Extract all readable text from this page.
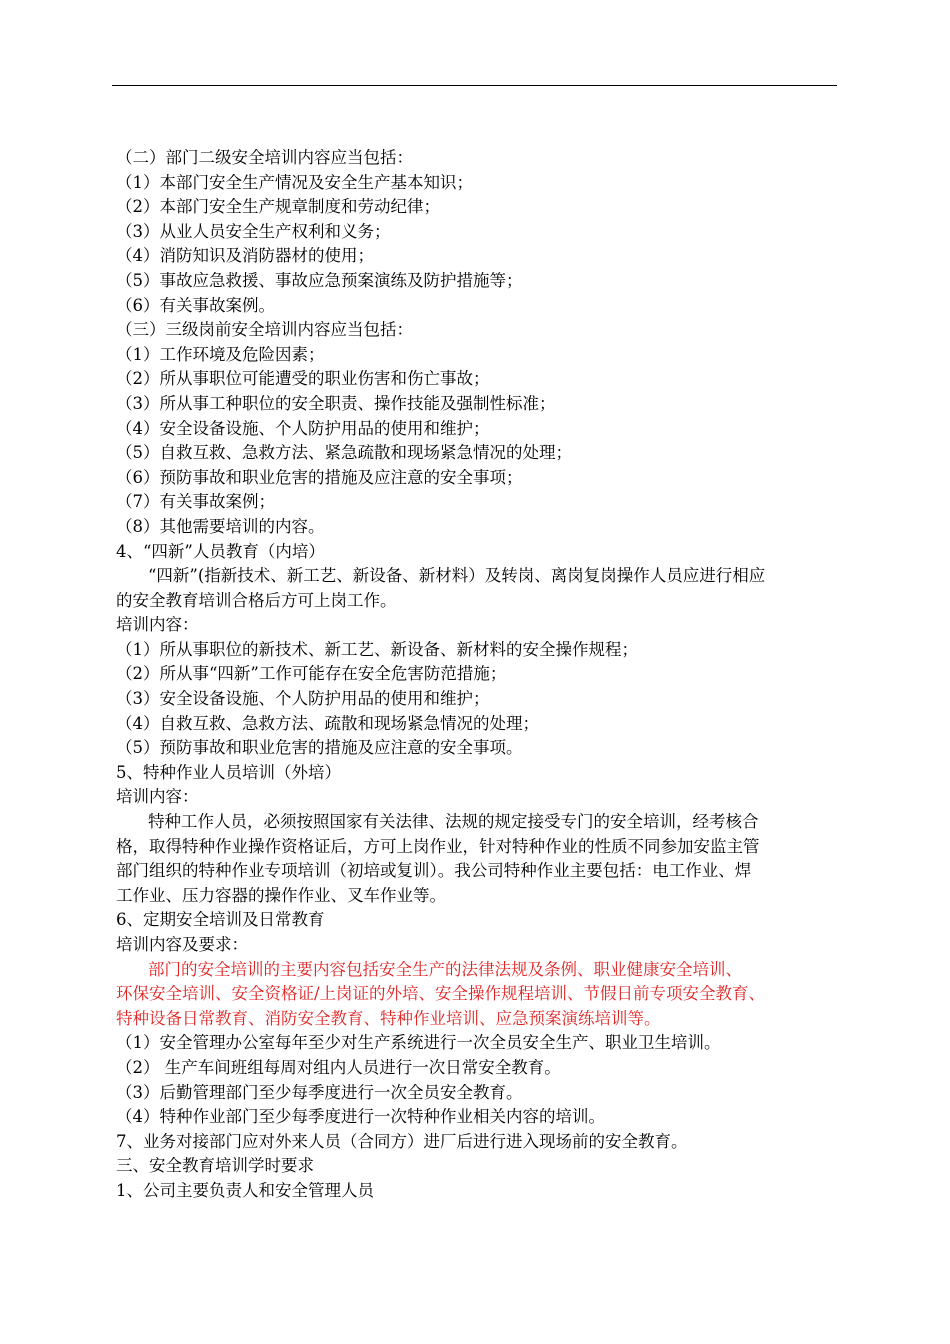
（二）部门二级安全培训内容应当包括：
（1）本部门安全生产情况及安全生产基本知识；
（2）本部门安全生产规章制度和劳动纪律；
（3）从业人员安全生产权利和义务；
（4）消防知识及消防器材的使用；
（5）事故应急救援、事故应急预案演练及防护措施等；
（6）有关事故案例。
（三）三级岗前安全培训内容应当包括：
（1）工作环境及危险因素；
（2）所从事职位可能遭受的职业伤害和伤亡事故；
（3）所从事工种职位的安全职责、操作技能及强制性标准；
（4）安全设备设施、个人防护用品的使用和维护；
（5）自救互救、急救方法、紧急疏散和现场紧急情况的处理；
（6）预防事故和职业危害的措施及应注意的安全事项；
（7）有关事故案例；
（8）其他需要培训的内容。
4、“四新”人员教育（内培）
“四新”(指新技术、新工艺、新设备、新材料）及转岗、离岗复岗操作人员应进行相应
的安全教育培训合格后方可上岗工作。
培训内容：
（1）所从事职位的新技术、新工艺、新设备、新材料的安全操作规程；
（2）所从事“四新”工作可能存在安全危害防范措施；
（3）安全设备设施、个人防护用品的使用和维护；
（4）自救互救、急救方法、疏散和现场紧急情况的处理；
（5）预防事故和职业危害的措施及应注意的安全事项。
5、特种作业人员培训（外培）
培训内容：
特种工作人员，必须按照国家有关法律、法规的规定接受专门的安全培训，经考核合
格，取得特种作业操作资格证后，方可上岗作业，针对特种作业的性质不同参加安监主管
部门组织的特种作业专项培训（初培或复训）。我公司特种作业主要包括：电工作业、焊
工作业、压力容器的操作作业、叉车作业等。
6、定期安全培训及日常教育
培训内容及要求：
部门的安全培训的主要内容包括安全生产的法律法规及条例、职业健康安全培训、
环保安全培训、安全资格证/上岗证的外培、安全操作规程培训、节假日前专项安全教育、
特种设备日常教育、消防安全教育、特种作业培训、应急预案演练培训等。
（1）安全管理办公室每年至少对生产系统进行一次全员安全生产、职业卫生培训。
（2） 生产车间班组每周对组内人员进行一次日常安全教育。
（3）后勤管理部门至少每季度进行一次全员安全教育。
（4）特种作业部门至少每季度进行一次特种作业相关内容的培训。
7、业务对接部门应对外来人员（合同方）进厂后进行进入现场前的安全教育。
三、安全教育培训学时要求
1、公司主要负责人和安全管理人员
